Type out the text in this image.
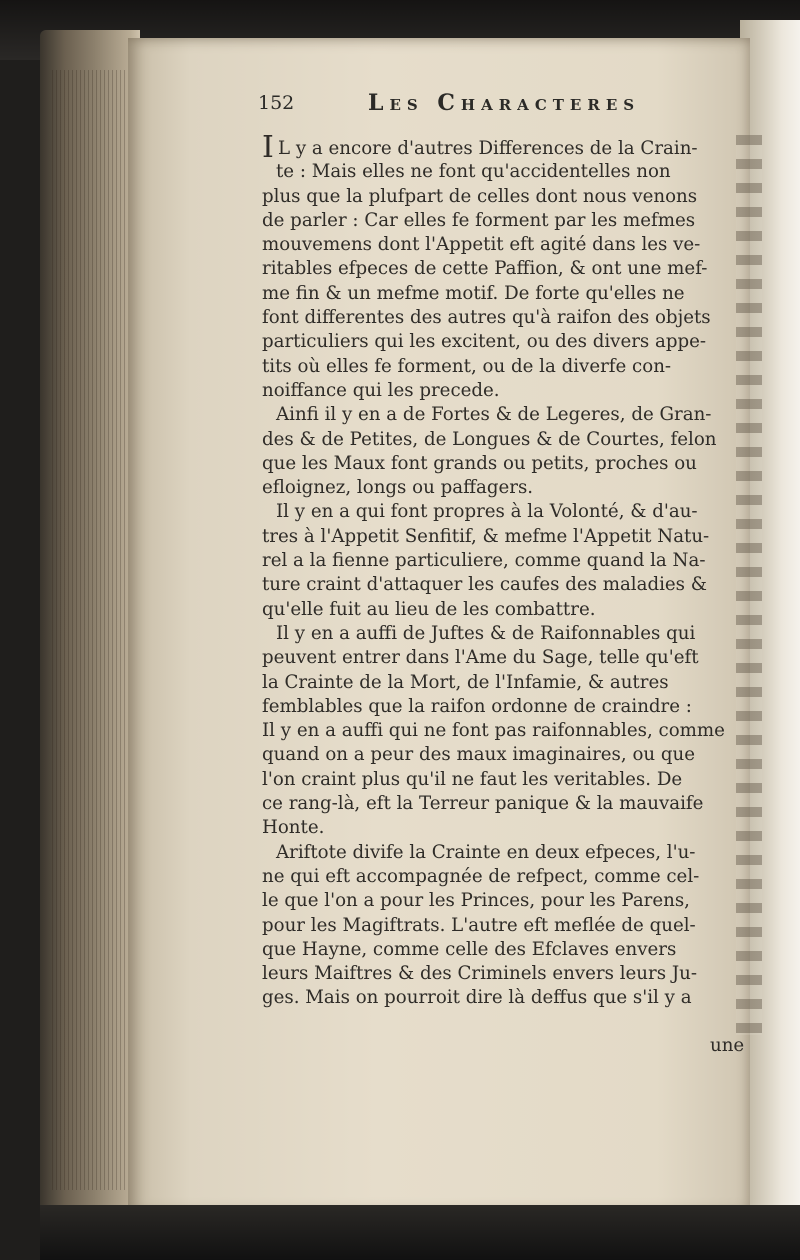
152	Les Characteres
I L y a encore d'autres Differences de la Crain-
te : Mais elles ne font qu'accidentelles non
plus que la plufpart de celles dont nous venons
de parler : Car elles fe forment par les mefmes
mouvemens dont l'Appetit eft agité dans les ve-
ritables efpeces de cette Paffion, & ont une mef-
me fin & un mefme motif. De forte qu'elles ne
font differentes des autres qu'à raifon des objets
particuliers qui les excitent, ou des divers appe-
tits où elles fe forment, ou de la diverfe con-
noiffance qui les precede.
Ainfi il y en a de Fortes & de Legeres, de Gran-
des & de Petites, de Longues & de Courtes, felon
que les Maux font grands ou petits, proches ou
efloignez, longs ou paffagers.
Il y en a qui font propres à la Volonté, & d'au-
tres à l'Appetit Senfitif, & mefme l'Appetit Natu-
rel a la fienne particuliere, comme quand la Na-
ture craint d'attaquer les caufes des maladies &
qu'elle fuit au lieu de les combattre.
Il y en a auffi de Juftes & de Raifonnables qui
peuvent entrer dans l'Ame du Sage, telle qu'eft
la Crainte de la Mort, de l'Infamie, & autres
femblables que la raifon ordonne de craindre :
Il y en a auffi qui ne font pas raifonnables, comme
quand on a peur des maux imaginaires, ou que
l'on craint plus qu'il ne faut les veritables. De
ce rang-là, eft la Terreur panique & la mauvaife
Honte.
Ariftote divife la Crainte en deux efpeces, l'u-
ne qui eft accompagnée de refpect, comme cel-
le que l'on a pour les Princes, pour les Parens,
pour les Magiftrats. L'autre eft meflée de quel-
que Hayne, comme celle des Efclaves envers
leurs Maiftres & des Criminels envers leurs Ju-
ges. Mais on pourroit dire là deffus que s'il y a
une
